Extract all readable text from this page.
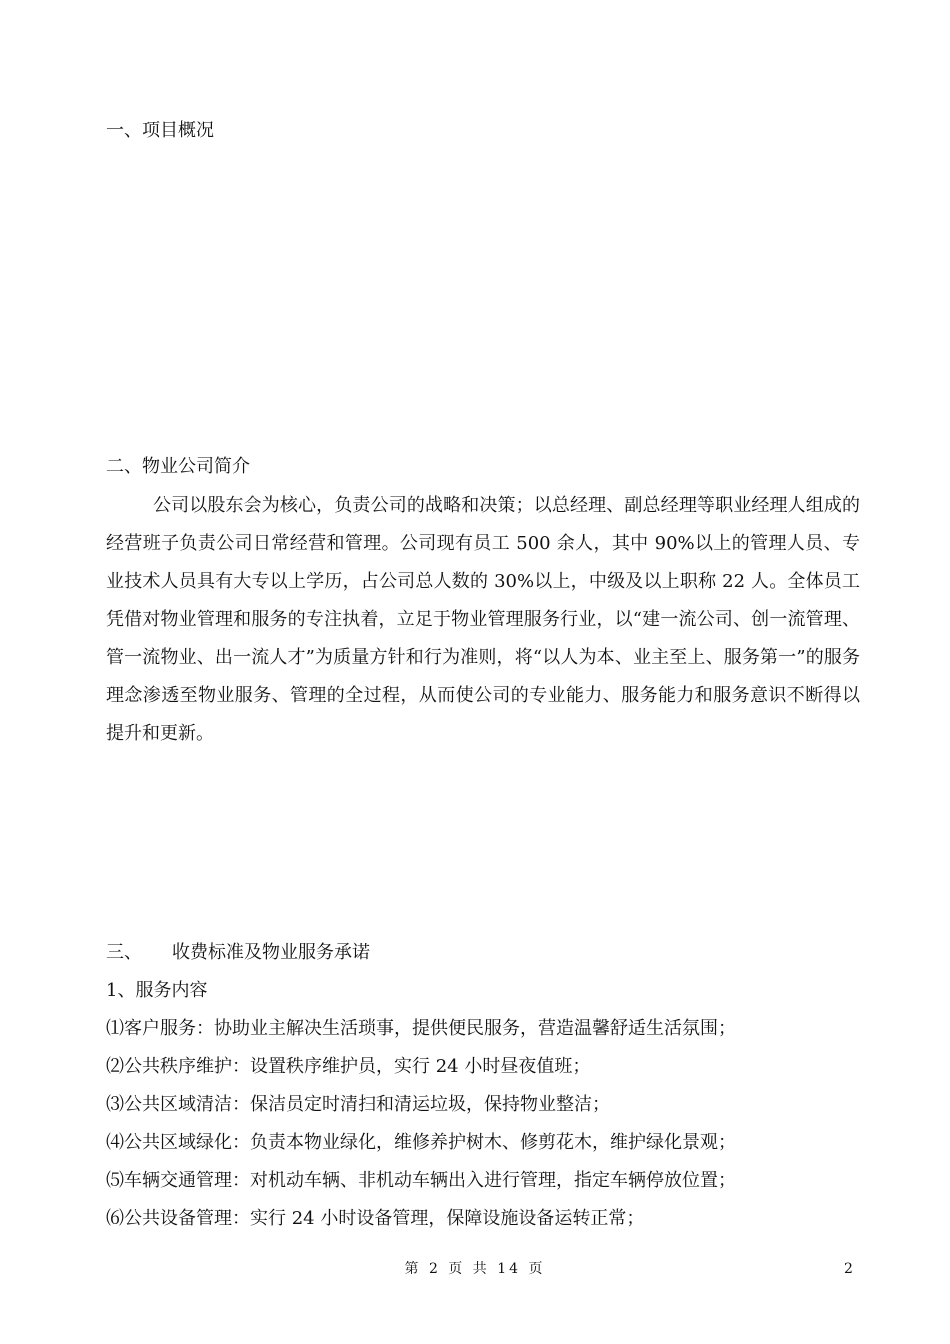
一、项目概况
二、物业公司简介
公司以股东会为核心，负责公司的战略和决策；以总经理、副总经理等职业经理人组成的经营班子负责公司日常经营和管理。公司现有员工 500 余人，其中 90%以上的管理人员、专业技术人员具有大专以上学历，占公司总人数的 30%以上，中级及以上职称 22 人。全体员工凭借对物业管理和服务的专注执着，立足于物业管理服务行业，以“建一流公司、创一流管理、管一流物业、出一流人才”为质量方针和行为准则，将“以人为本、业主至上、服务第一”的服务理念渗透至物业服务、管理的全过程，从而使公司的专业能力、服务能力和服务意识不断得以提升和更新。
三、 收费标准及物业服务承诺
1、服务内容
⑴客户服务：协助业主解决生活琐事，提供便民服务，营造温馨舒适生活氛围；
⑵公共秩序维护：设置秩序维护员，实行 24 小时昼夜值班；
⑶公共区域清洁：保洁员定时清扫和清运垃圾，保持物业整洁；
⑷公共区域绿化：负责本物业绿化，维修养护树木、修剪花木，维护绿化景观；
⑸车辆交通管理：对机动车辆、非机动车辆出入进行管理，指定车辆停放位置；
⑹公共设备管理：实行 24 小时设备管理，保障设施设备运转正常；
第 2 页 共 14 页	2
